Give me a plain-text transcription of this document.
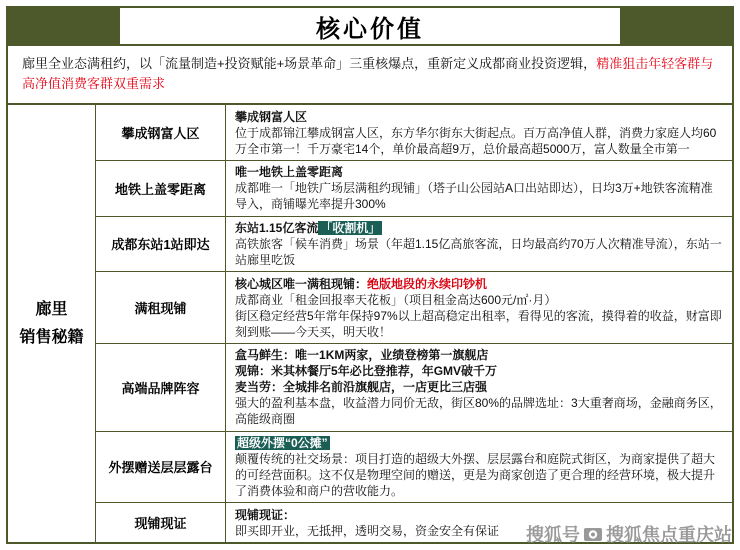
核心价值
廊里全业态满租约，以「流量制造+投资赋能+场景革命」三重核爆点，重新定义成都商业投资逻辑，精准狙击年轻客群与高净值消费客群双重需求
廊里
销售秘籍
攀成钢富人区
攀成钢富人区
位于成都锦江攀成钢富人区，东方华尔街东大街起点。百万高净值人群，消费力家庭人均60万全市第一！千万豪宅14个，单价最高超9万，总价最高超5000万，富人数量全市第一
地铁上盖零距离
唯一地铁上盖零距离
成都唯一「地铁广场层满租约现铺」（塔子山公园站A口出站即达），日均3万+地铁客流精准导入，商铺曝光率提升300%
成都东站1站即达
东站1.15亿客流 「收割机」
高铁旅客「候车消费」场景（年超1.15亿高旅客流，日均最高约70万人次精准导流），东站一站廊里吃饭
满租现铺
核心城区唯一满租现铺：绝版地段的永续印钞机
成都商业「租金回报率天花板」（项目租金高达600元/㎡·月）
街区稳定经营5年常年保持97%以上超高稳定出租率，看得见的客流，摸得着的收益，财富即刻到账——今天买，明天收！
高端品牌阵容
盒马鲜生：唯一1KM两家，业绩登榜第一旗舰店
观锦：米其林餐厅5年必比登推荐，年GMV破千万
麦当劳：全城排名前沿旗舰店，一店更比三店强
强大的盈利基本盘，收益潜力同价无敌，街区80%的品牌选址：3大重奢商场，金融商务区，高能级商圈
外摆赠送层层露台
超级外摆“0公摊”
颠覆传统的社交场景：项目打造的超级大外摆、层层露台和庭院式街区，为商家提供了超大的可经营面积。这不仅是物理空间的赠送，更是为商家创造了更合理的经营环境，极大提升了消费体验和商户的营收能力。
现铺现证
现铺现证：
即买即开业，无抵押，透明交易，资金安全有保证	搜狐号 搜狐焦点重庆站
